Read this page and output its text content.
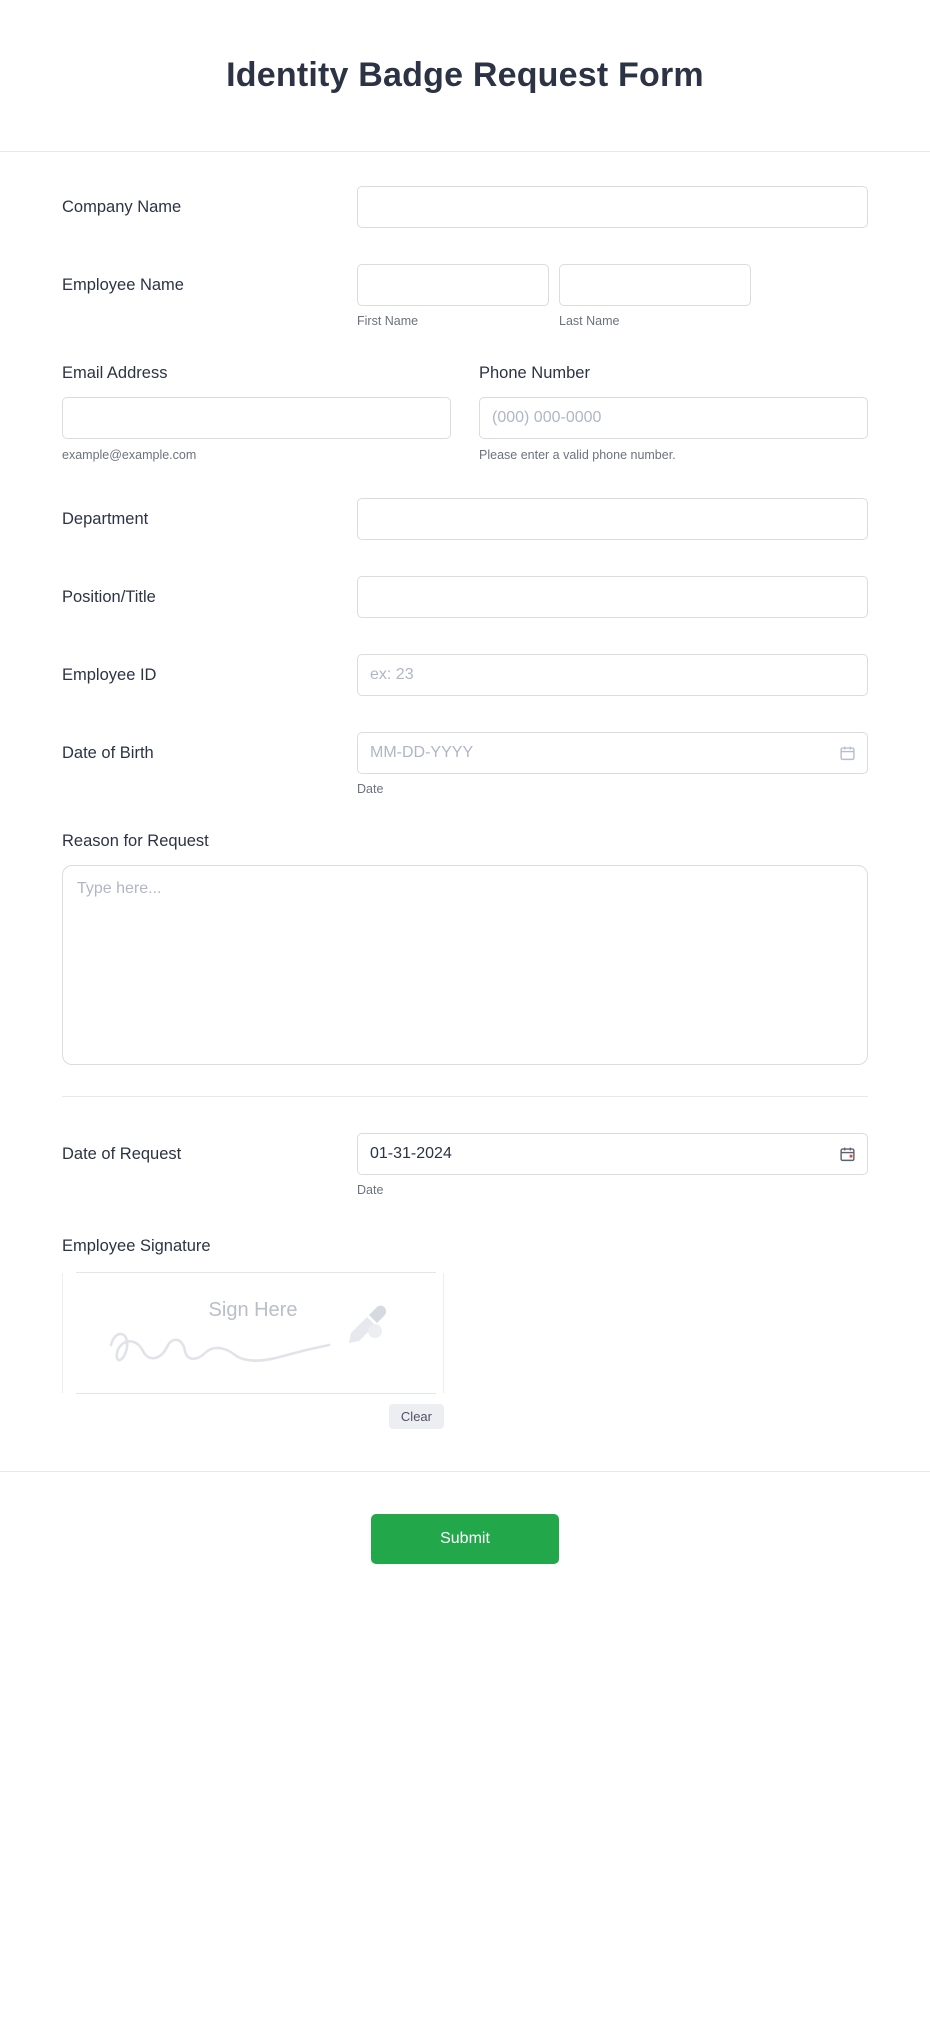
Identity Badge Request Form
Company Name
Employee Name
First Name	Last Name
Email Address
example@example.com
Phone Number
(000) 000-0000
Please enter a valid phone number.
Department
Position/Title
Employee ID
ex: 23
Date of Birth
MM-DD-YYYY
Date
Reason for Request
Type here...
Date of Request
01-31-2024
Date
Employee Signature
Sign Here
Clear
Submit
